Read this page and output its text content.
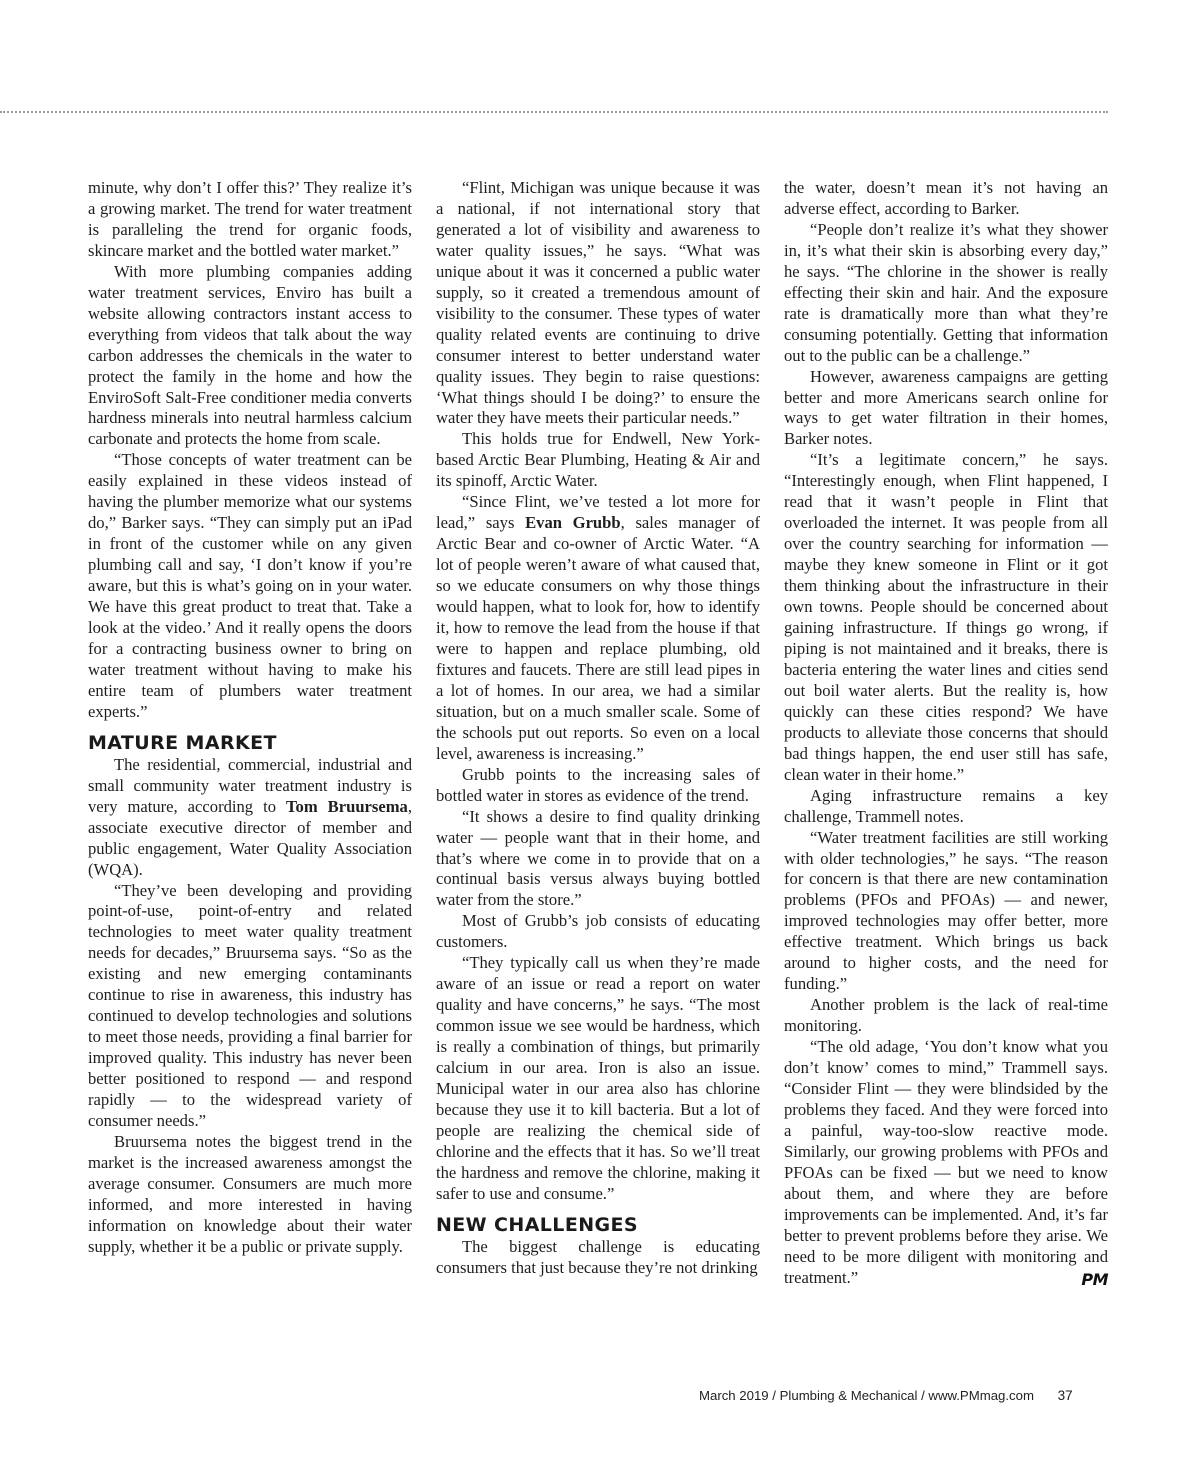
minute, why don’t I offer this?’ They realize it’s a growing market. The trend for water treatment is paralleling the trend for organic foods, skincare market and the bottled water market.”

With more plumbing companies adding water treatment services, Enviro has built a website allowing contractors instant access to everything from videos that talk about the way carbon addresses the chemicals in the water to protect the family in the home and how the EnviroSoft Salt-Free conditioner media converts hardness minerals into neutral harmless calcium carbonate and protects the home from scale.

“Those concepts of water treatment can be easily explained in these videos instead of having the plumber memorize what our systems do,” Barker says. “They can simply put an iPad in front of the customer while on any given plumbing call and say, ‘I don’t know if you’re aware, but this is what’s going on in your water. We have this great product to treat that. Take a look at the video.’ And it really opens the doors for a contracting business owner to bring on water treatment without having to make his entire team of plumbers water treatment experts.”

MATURE MARKET

The residential, commercial, industrial and small community water treatment industry is very mature, according to Tom Bruursema, associate executive director of member and public engagement, Water Quality Association (WQA).

“They’ve been developing and providing point-of-use, point-of-entry and related technologies to meet water quality treatment needs for decades,” Bruursema says. “So as the existing and new emerging contaminants continue to rise in awareness, this industry has continued to develop technologies and solutions to meet those needs, providing a final barrier for improved quality. This industry has never been better positioned to respond — and respond rapidly — to the widespread variety of consumer needs.”

Bruursema notes the biggest trend in the market is the increased awareness amongst the average consumer. Consumers are much more informed, and more interested in having information on knowledge about their water supply, whether it be a public or private supply.

“Flint, Michigan was unique because it was a national, if not international story that generated a lot of visibility and awareness to water quality issues,” he says. “What was unique about it was it concerned a public water supply, so it created a tremendous amount of visibility to the consumer. These types of water quality related events are continuing to drive consumer interest to better understand water quality issues. They begin to raise questions: ‘What things should I be doing?’ to ensure the water they have meets their particular needs.”

This holds true for Endwell, New York-based Arctic Bear Plumbing, Heating & Air and its spinoff, Arctic Water.

“Since Flint, we’ve tested a lot more for lead,” says Evan Grubb, sales manager of Arctic Bear and co-owner of Arctic Water. “A lot of people weren’t aware of what caused that, so we educate consumers on why those things would happen, what to look for, how to identify it, how to remove the lead from the house if that were to happen and replace plumbing, old fixtures and faucets. There are still lead pipes in a lot of homes. In our area, we had a similar situation, but on a much smaller scale. Some of the schools put out reports. So even on a local level, awareness is increasing.”

Grubb points to the increasing sales of bottled water in stores as evidence of the trend.

“It shows a desire to find quality drinking water — people want that in their home, and that’s where we come in to provide that on a continual basis versus always buying bottled water from the store.”

Most of Grubb’s job consists of educating customers.

“They typically call us when they’re made aware of an issue or read a report on water quality and have concerns,” he says. “The most common issue we see would be hardness, which is really a combination of things, but primarily calcium in our area. Iron is also an issue. Municipal water in our area also has chlorine because they use it to kill bacteria. But a lot of people are realizing the chemical side of chlorine and the effects that it has. So we’ll treat the hardness and remove the chlorine, making it safer to use and consume.”

NEW CHALLENGES

The biggest challenge is educating consumers that just because they’re not drinking

the water, doesn’t mean it’s not having an adverse effect, according to Barker.

“People don’t realize it’s what they shower in, it’s what their skin is absorbing every day,” he says. “The chlorine in the shower is really effecting their skin and hair. And the exposure rate is dramatically more than what they’re consuming potentially. Getting that information out to the public can be a challenge.”

However, awareness campaigns are getting better and more Americans search online for ways to get water filtration in their homes, Barker notes.

“It’s a legitimate concern,” he says. “Interestingly enough, when Flint happened, I read that it wasn’t people in Flint that overloaded the internet. It was people from all over the country searching for information — maybe they knew someone in Flint or it got them thinking about the infrastructure in their own towns. People should be concerned about gaining infrastructure. If things go wrong, if piping is not maintained and it breaks, there is bacteria entering the water lines and cities send out boil water alerts. But the reality is, how quickly can these cities respond? We have products to alleviate those concerns that should bad things happen, the end user still has safe, clean water in their home.”

Aging infrastructure remains a key challenge, Trammell notes.

“Water treatment facilities are still working with older technologies,” he says. “The reason for concern is that there are new contamination problems (PFOs and PFOAs) — and newer, improved technologies may offer better, more effective treatment. Which brings us back around to higher costs, and the need for funding.”

Another problem is the lack of real-time monitoring.

“The old adage, ‘You don’t know what you don’t know’ comes to mind,” Trammell says. “Consider Flint — they were blindsided by the problems they faced. And they were forced into a painful, way-too-slow reactive mode. Similarly, our growing problems with PFOs and PFOAs can be fixed — but we need to know about them, and where they are before improvements can be implemented. And, it’s far better to prevent problems before they arise. We need to be more diligent with monitoring and treatment.”	PM

March 2019 / Plumbing & Mechanical / www.PMmag.com 37
